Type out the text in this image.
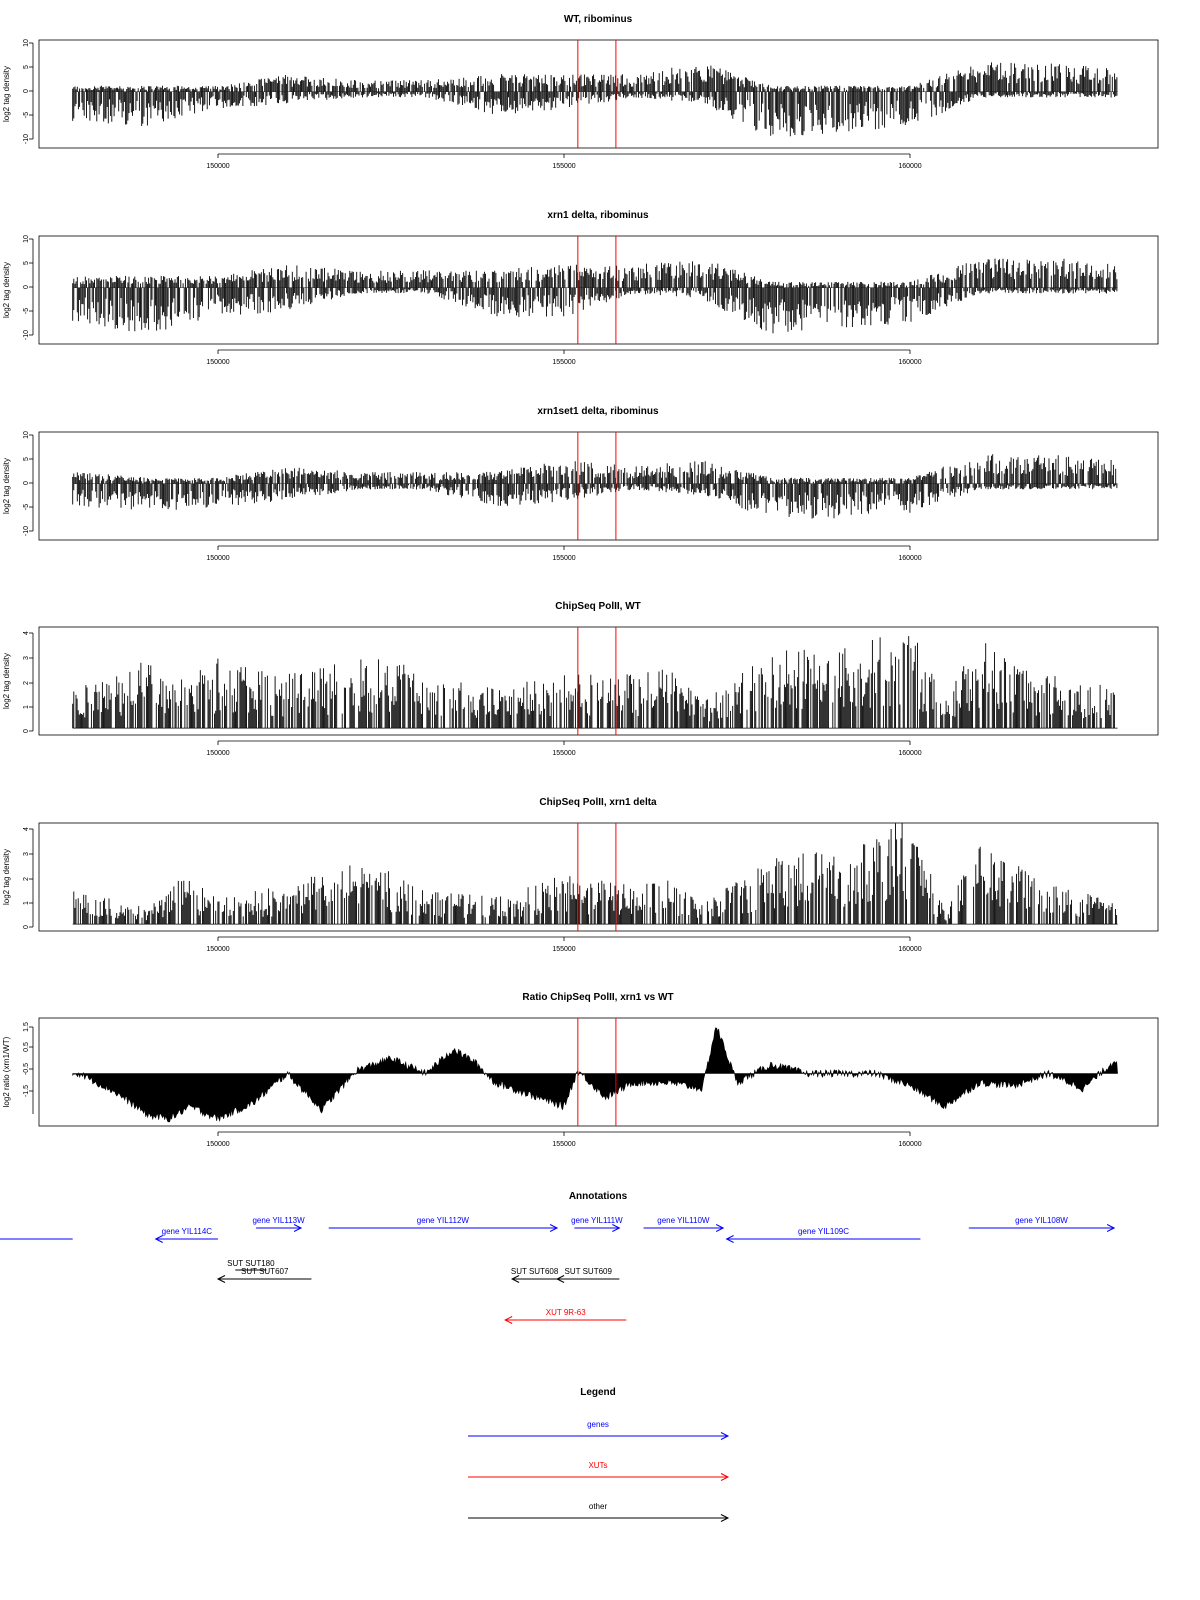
WT, ribominus
10
5
0
-5
-10
log2 tag density
150000	155000	160000
xrn1 delta, ribominus
10
5
0
-5
-10
log2 tag density
150000	155000	160000
xrn1set1 delta, ribominus
10
5
0
-5
-10
log2 tag density
150000	155000	160000
ChipSeq PolII, WT
4
3
2
1
0
log2 tag density
150000	155000	160000
ChipSeq PolII, xrn1 delta
4
3
2
1
0
log2 tag density
150000	155000	160000
Ratio ChipSeq PolII, xrn1 vs WT
1.5
0.5
-0.5
-1.5
log2 ratio (xrn1/WT)
150000	155000	160000
Annotations
gene YIL114C
gene YIL113W	gene YIL112W	gene YIL111W	gene YIL110W
gene YIL109C
gene YIL108W
SUT SUT180
SUT SUT607	SUT SUT608 SUT SUT609
XUT 9R-63
Legend
genes
XUTs
other
